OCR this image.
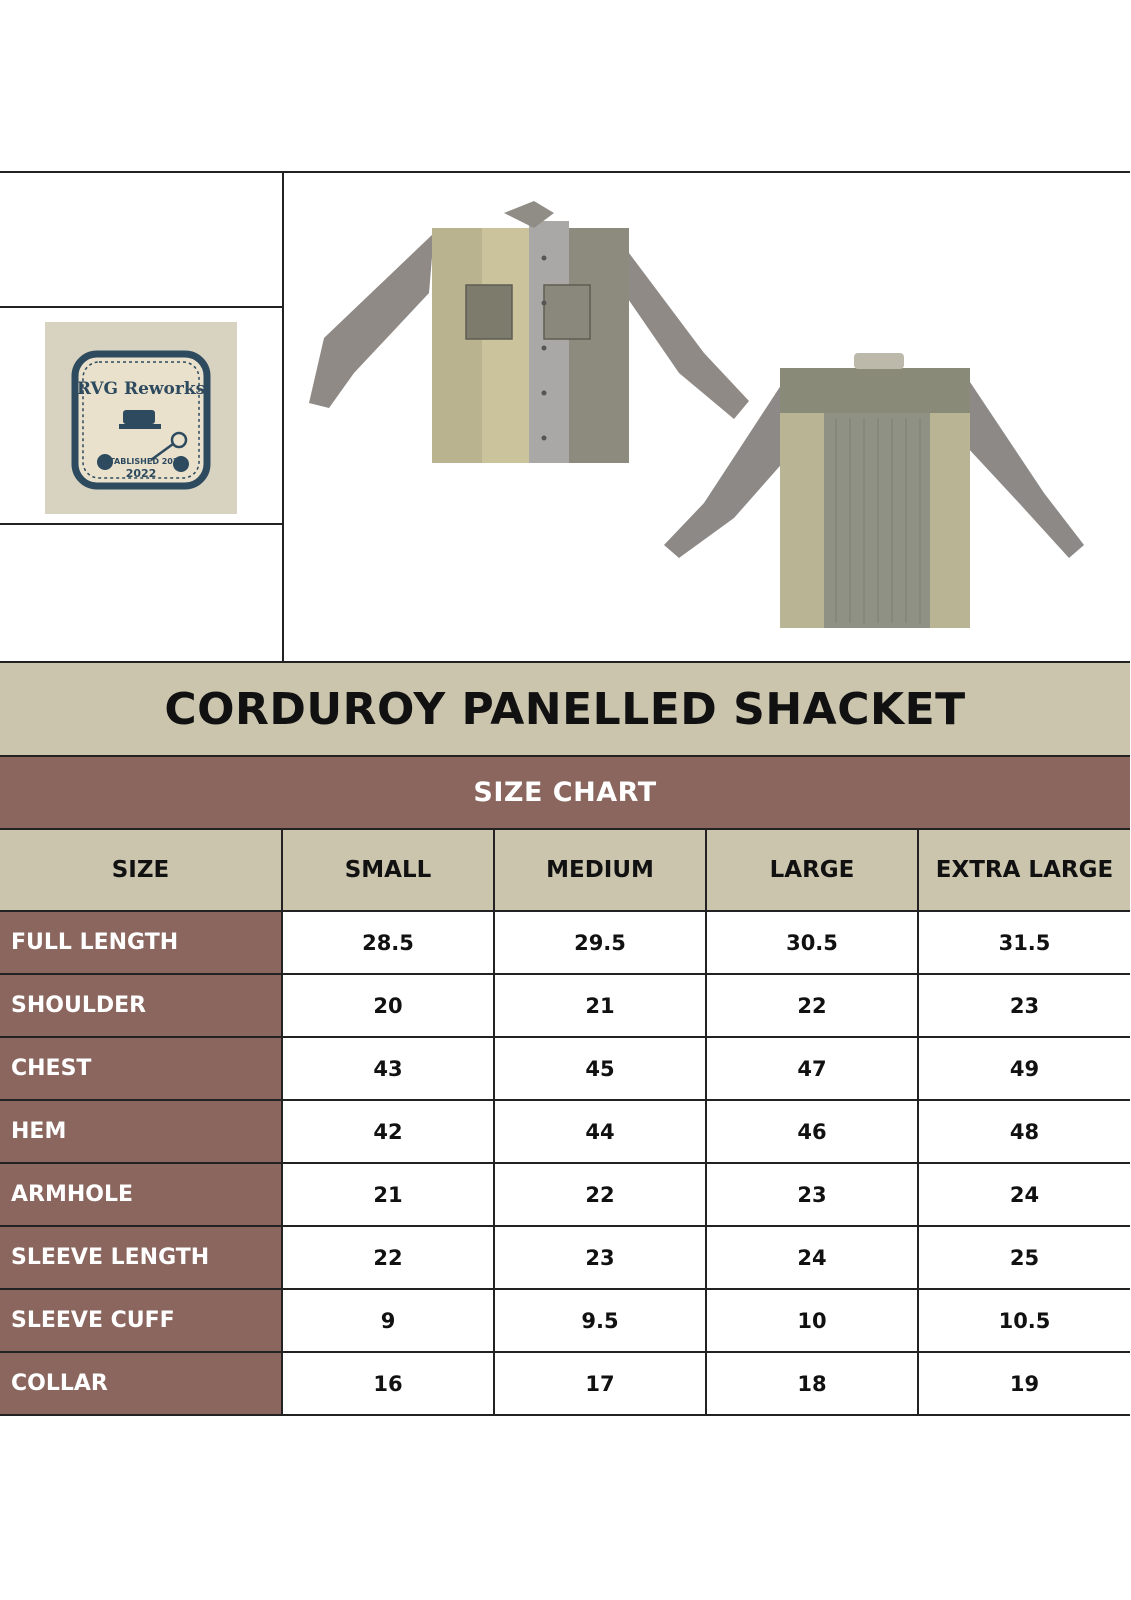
RVG Reworks
ESTABLISHED 2022
2022
CORDUROY PANELLED SHACKET
SIZE CHART
SIZE	SMALL	MEDIUM	LARGE	EXTRA LARGE
FULL LENGTH	28.5	29.5	30.5	31.5
SHOULDER	20	21	22	23
CHEST	43	45	47	49
HEM	42	44	46	48
ARMHOLE	21	22	23	24
SLEEVE LENGTH	22	23	24	25
SLEEVE CUFF	9	9.5	10	10.5
COLLAR	16	17	18	19
